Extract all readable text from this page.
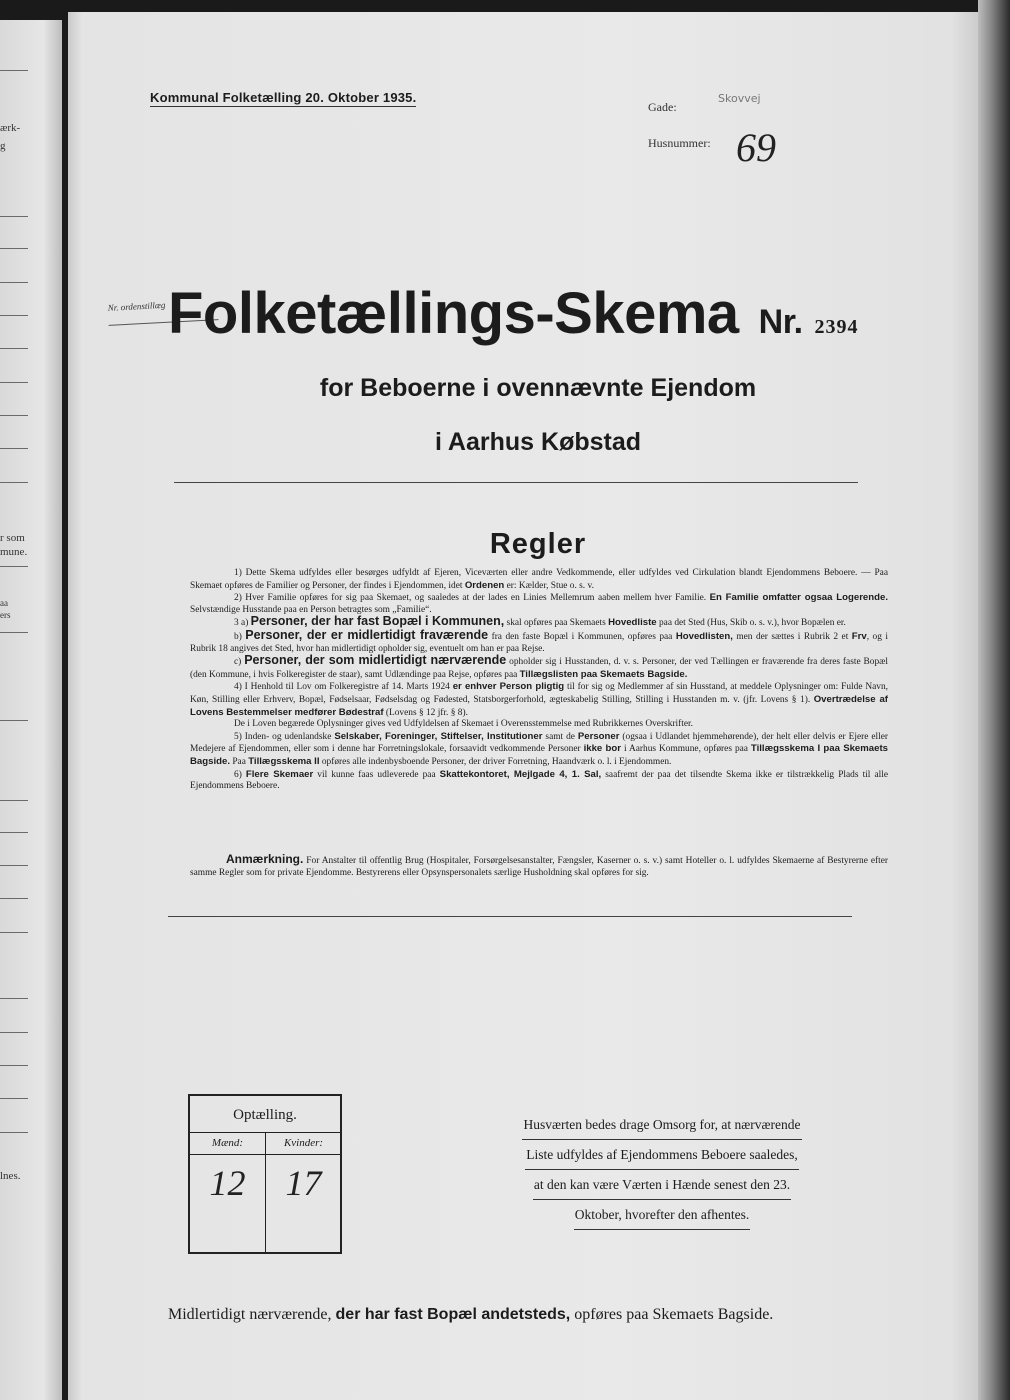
ærk-
g
r som
mune.
aa
ers
lnes.
Kommunal Folketælling 20. Oktober 1935.
Gade:
Skovvej
Husnummer: 69
Nr. ordenstillæg Folketællings-Skema Nr. 2394
for Beboerne i ovennævnte Ejendom
i Aarhus Købstad
Regler

1) Dette Skema udfyldes eller besørges udfyldt af Ejeren, Viceværten eller andre Vedkommende, eller udfyldes ved Cirkulation blandt Ejendommens Beboere. — Paa Skemaet opføres de Familier og Personer, der findes i Ejendommen, idet Ordenen er: Kælder, Stue o. s. v.

2) Hver Familie opføres for sig paa Skemaet, og saaledes at der lades en Linies Mellemrum aaben mellem hver Familie. En Familie omfatter ogsaa Logerende. Selvstændige Husstande paa en Person betragtes som „Familie“.

3 a) Personer, der har fast Bopæl i Kommunen, skal opføres paa Skemaets Hovedliste paa det Sted (Hus, Skib o. s. v.), hvor Bopælen er.

b) Personer, der er midlertidigt fraværende fra den faste Bopæl i Kommunen, opføres paa Hovedlisten, men der sættes i Rubrik 2 et Frv, og i Rubrik 18 angives det Sted, hvor han midlertidigt opholder sig, eventuelt om han er paa Rejse.

c) Personer, der som midlertidigt nærværende opholder sig i Husstanden, d. v. s. Personer, der ved Tællingen er fraværende fra deres faste Bopæl (den Kommune, i hvis Folkeregister de staar), samt Udlændinge paa Rejse, opføres paa Tillægslisten paa Skemaets Bagside.

4) I Henhold til Lov om Folkeregistre af 14. Marts 1924 er enhver Person pligtig til for sig og Medlemmer af sin Husstand, at meddele Oplysninger om: Fulde Navn, Køn, Stilling eller Erhverv, Bopæl, Fødselsaar, Fødselsdag og Fødested, Statsborgerforhold, ægteskabelig Stilling, Stilling i Husstanden m. v. (jfr. Lovens § 1). Overtrædelse af Lovens Bestemmelser medfører Bødestraf (Lovens § 12 jfr. § 8).

De i Loven begærede Oplysninger gives ved Udfyldelsen af Skemaet i Overensstemmelse med Rubrikkernes Overskrifter.

5) Inden- og udenlandske Selskaber, Foreninger, Stiftelser, Institutioner samt de Personer (ogsaa i Udlandet hjemmehørende), der helt eller delvis er Ejere eller Medejere af Ejendommen, eller som i denne har Forretningslokale, forsaavidt vedkommende Personer ikke bor i Aarhus Kommune, opføres paa Tillægsskema I paa Skemaets Bagside. Paa Tillægsskema II opføres alle indenbysboende Personer, der driver Forretning, Haandværk o. l. i Ejendommen.

6) Flere Skemaer vil kunne faas udleverede paa Skattekontoret, Mejlgade 4, 1. Sal, saafremt der paa det tilsendte Skema ikke er tilstrækkelig Plads til alle Ejendommens Beboere.

Anmærkning. For Anstalter til offentlig Brug (Hospitaler, Forsørgelsesanstalter, Fængsler, Kaserner o. s. v.) samt Hoteller o. l. udfyldes Skemaerne af Bestyrerne efter samme Regler som for private Ejendomme. Bestyrerens eller Opsynspersonalets særlige Husholdning skal opføres for sig.

Optælling.
Mænd:
12
Kvinder:
17
Husværten bedes drage Omsorg for, at nærværende
Liste udfyldes af Ejendommens Beboere saaledes,
at den kan være Værten i Hænde senest den 23.
Oktober, hvorefter den afhentes.
Midlertidigt nærværende, der har fast Bopæl andetsteds, opføres paa Skemaets Bagside.
